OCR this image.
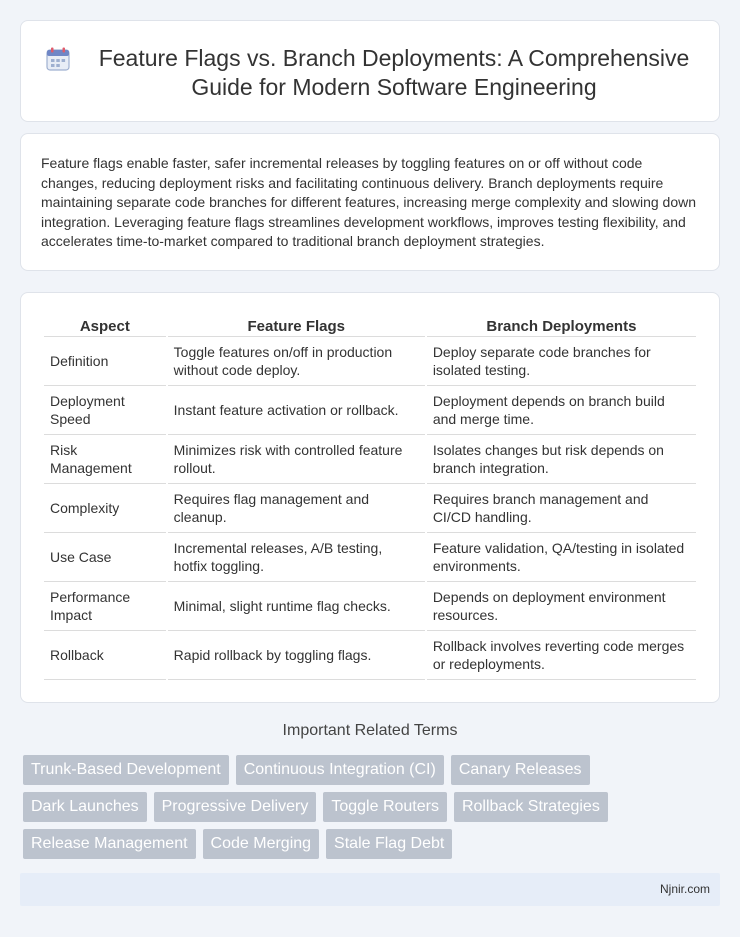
Feature Flags vs. Branch Deployments: A Comprehensive Guide for Modern Software Engineering

Feature flags enable faster, safer incremental releases by toggling features on or off without code changes, reducing deployment risks and facilitating continuous delivery. Branch deployments require maintaining separate code branches for different features, increasing merge complexity and slowing down integration. Leveraging feature flags streamlines development workflows, improves testing flexibility, and accelerates time-to-market compared to traditional branch deployment strategies.

Aspect	Feature Flags	Branch Deployments
Definition	Toggle features on/off in production without code deploy.	Deploy separate code branches for isolated testing.
Deployment Speed	Instant feature activation or rollback.	Deployment depends on branch build and merge time.
Risk Management	Minimizes risk with controlled feature rollout.	Isolates changes but risk depends on branch integration.
Complexity	Requires flag management and cleanup.	Requires branch management and CI/CD handling.
Use Case	Incremental releases, A/B testing, hotfix toggling.	Feature validation, QA/testing in isolated environments.
Performance Impact	Minimal, slight runtime flag checks.	Depends on deployment environment resources.
Rollback	Rapid rollback by toggling flags.	Rollback involves reverting code merges or redeployments.
Important Related Terms
Trunk-Based Development	Continuous Integration (CI)	Canary Releases
Dark Launches	Progressive Delivery	Toggle Routers	Rollback Strategies
Release Management	Code Merging	Stale Flag Debt
Njnir.com
